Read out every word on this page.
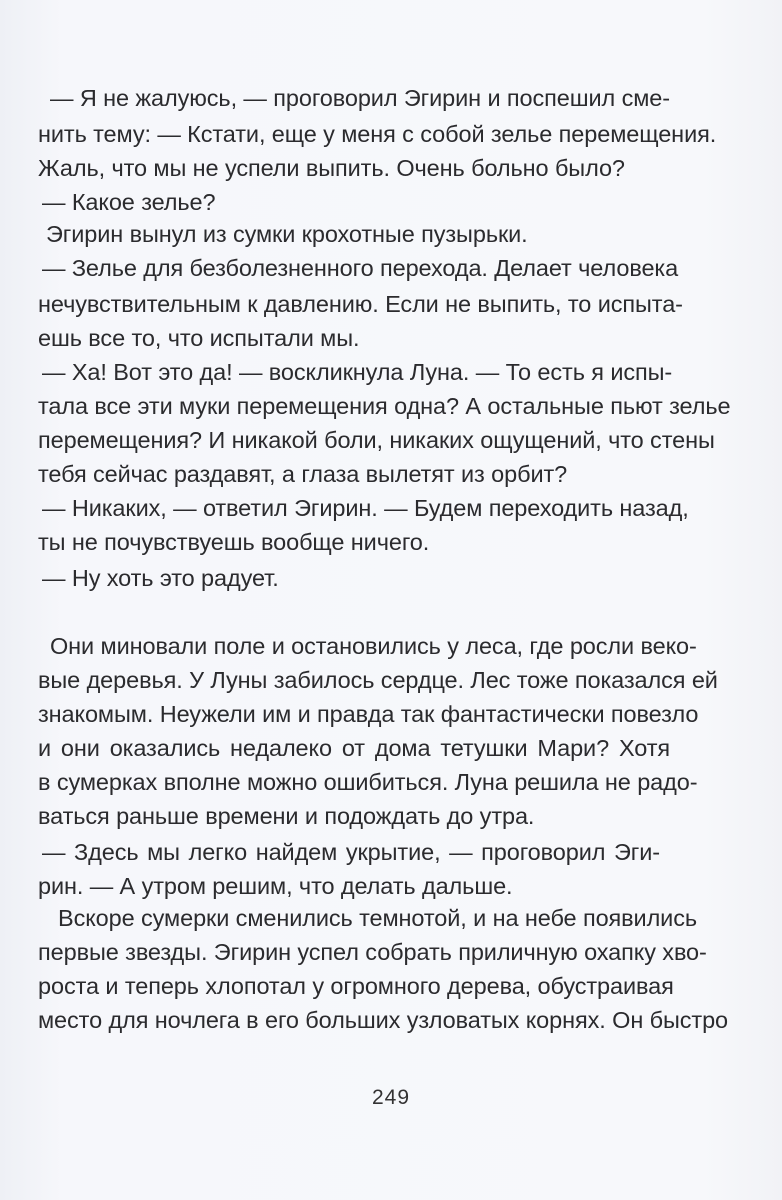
— Я не жалуюсь, — проговорил Эгирин и поспешил сме-
нить тему: — Кстати, еще у меня с собой зелье перемещения.
Жаль, что мы не успели выпить. Очень больно было?
— Какое зелье?
Эгирин вынул из сумки крохотные пузырьки.
— Зелье для безболезненного перехода. Делает человека
нечувствительным к давлению. Если не выпить, то испыта-
ешь все то, что испытали мы.
— Ха! Вот это да! — воскликнула Луна. — То есть я испы-
тала все эти муки перемещения одна? А остальные пьют зелье
перемещения? И никакой боли, никаких ощущений, что стены
тебя сейчас раздавят, а глаза вылетят из орбит?
— Никаких, — ответил Эгирин. — Будем переходить назад,
ты не почувствуешь вообще ничего.
— Ну хоть это радует.
Они миновали поле и остановились у леса, где росли веко-
вые деревья. У Луны забилось сердце. Лес тоже показался ей
знакомым. Неужели им и правда так фантастически повезло
и они оказались недалеко от дома тетушки Мари? Хотя
в сумерках вполне можно ошибиться. Луна решила не радо-
ваться раньше времени и подождать до утра.
— Здесь мы легко найдем укрытие, — проговорил Эги-
рин. — А утром решим, что делать дальше.
Вскоре сумерки сменились темнотой, и на небе появились
первые звезды. Эгирин успел собрать приличную охапку хво-
роста и теперь хлопотал у огромного дерева, обустраивая
место для ночлега в его больших узловатых корнях. Он быстро
249
